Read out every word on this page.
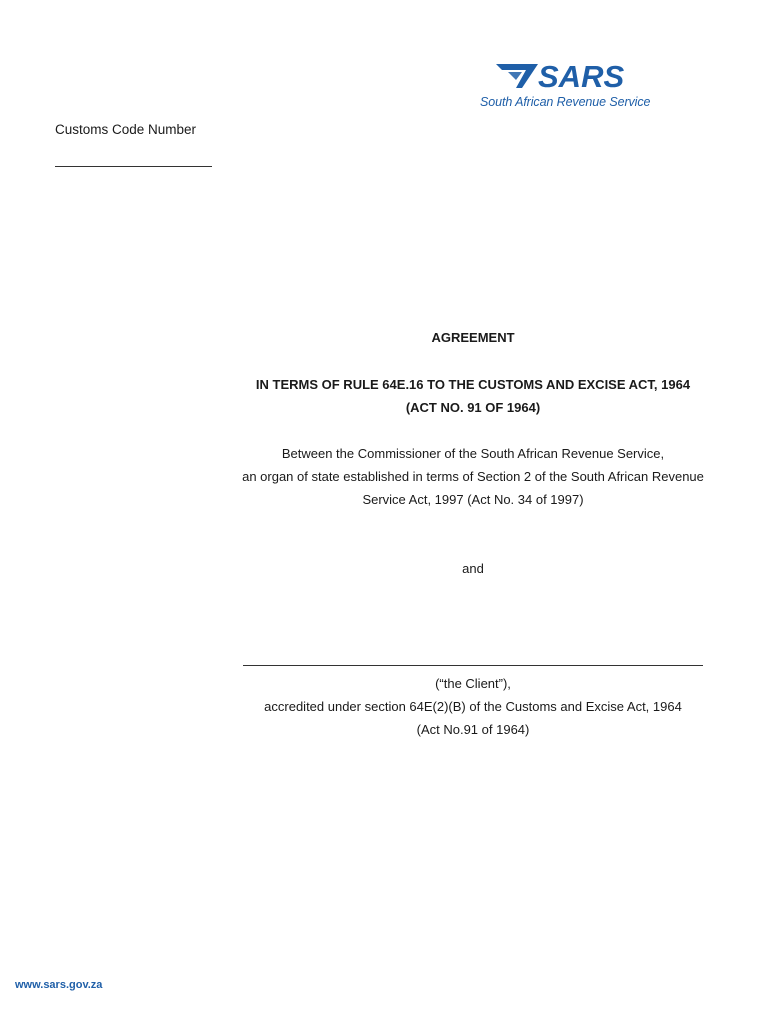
SARS
South African Revenue Service
Customs Code Number
AGREEMENT
IN TERMS OF RULE 64E.16 TO THE CUSTOMS AND EXCISE ACT, 1964
(ACT NO. 91 OF 1964)
Between the Commissioner of the South African Revenue Service,
an organ of state established in terms of Section 2 of the South African Revenue
Service Act, 1997 (Act No. 34 of 1997)
and
(“the Client”),
accredited under section 64E(2)(B) of the Customs and Excise Act, 1964
(Act No.91 of 1964)
www.sars.gov.za
